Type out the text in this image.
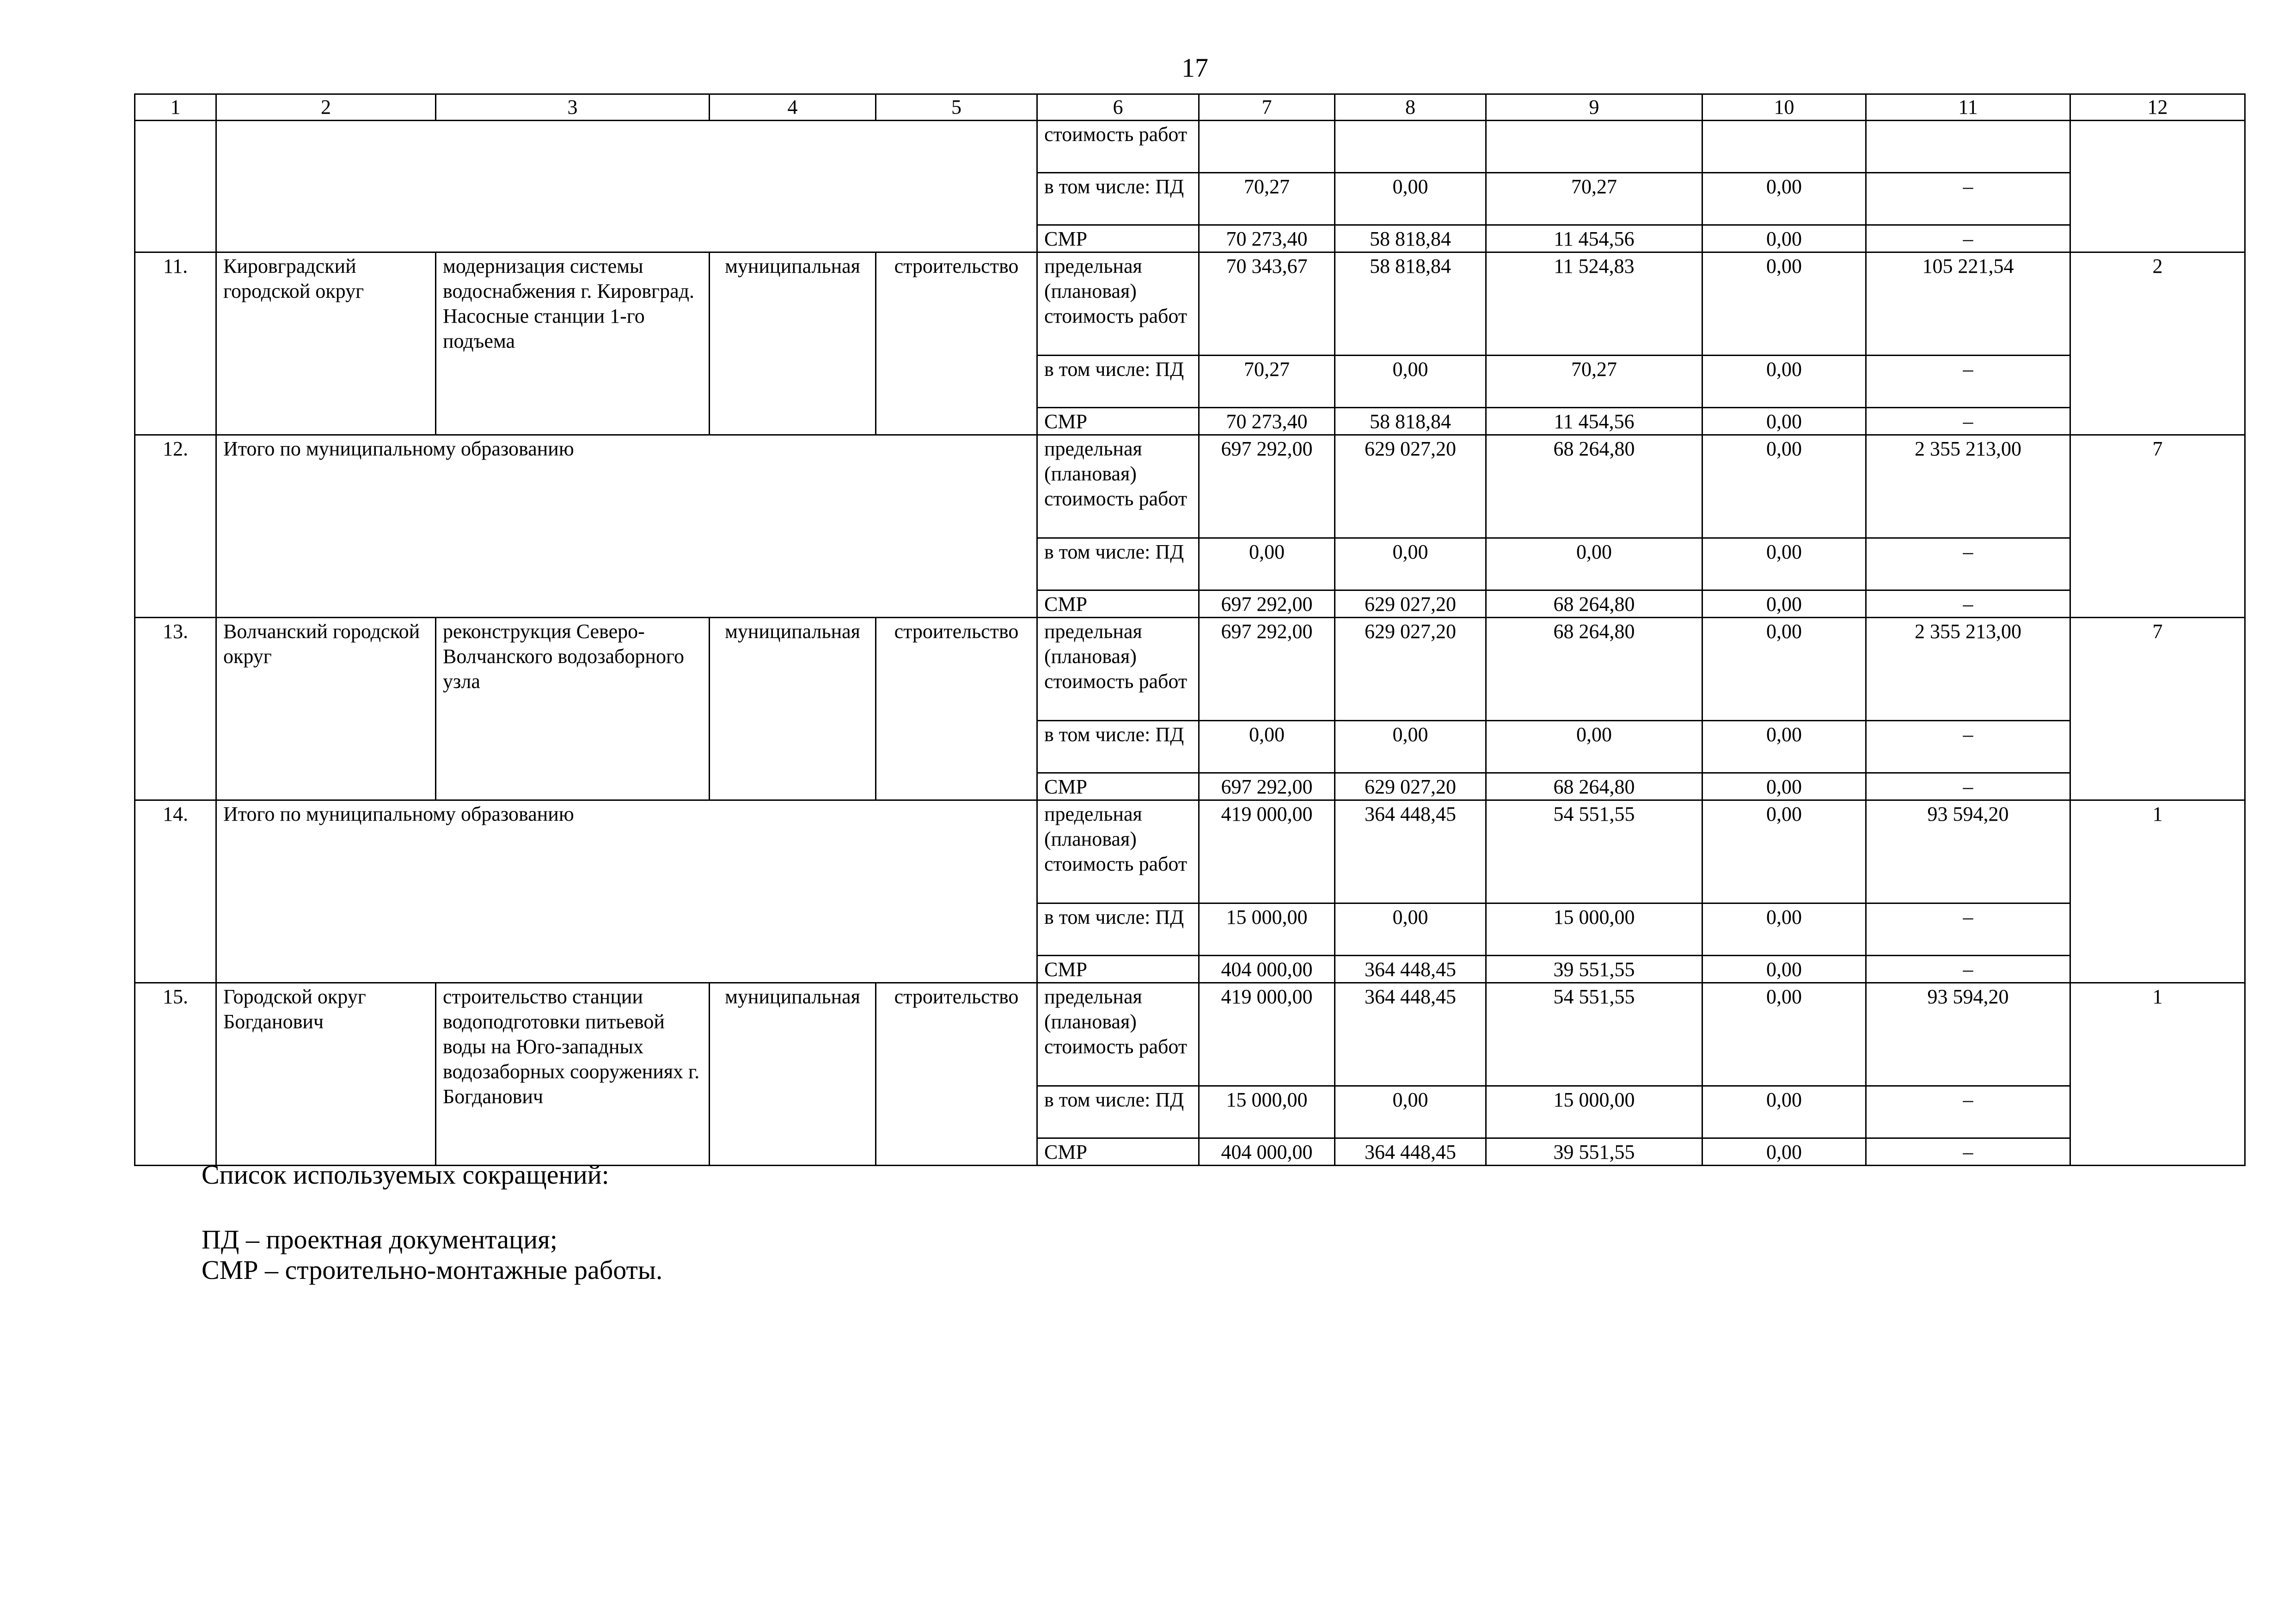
17
1	2	3	4	5	6	7	8	9	10	11	12
					стоимость работ						
					в том числе: ПД	70,27	0,00	70,27	0,00	–	
					СМР	70 273,40	58 818,84	11 454,56	0,00	–	
11.	Кировградский городской округ	модернизация системы водоснабжения г. Кировград. Насосные станции 1-го подъема	муниципальная	строительство	предельная (плановая) стоимость работ	70 343,67	58 818,84	11 524,83	0,00	105 221,54	2
					в том числе: ПД	70,27	0,00	70,27	0,00	–	
					СМР	70 273,40	58 818,84	11 454,56	0,00	–	
12.	Итого по муниципальному образованию				предельная (плановая) стоимость работ	697 292,00	629 027,20	68 264,80	0,00	2 355 213,00	7
					в том числе: ПД	0,00	0,00	0,00	0,00	–	
					СМР	697 292,00	629 027,20	68 264,80	0,00	–	
13.	Волчанский городской округ	реконструкция Северо-Волчанского водозаборного узла	муниципальная	строительство	предельная (плановая) стоимость работ	697 292,00	629 027,20	68 264,80	0,00	2 355 213,00	7
					в том числе: ПД	0,00	0,00	0,00	0,00	–	
					СМР	697 292,00	629 027,20	68 264,80	0,00	–	
14.	Итого по муниципальному образованию				предельная (плановая) стоимость работ	419 000,00	364 448,45	54 551,55	0,00	93 594,20	1
					в том числе: ПД	15 000,00	0,00	15 000,00	0,00	–	
					СМР	404 000,00	364 448,45	39 551,55	0,00	–	
15.	Городской округ Богданович	строительство станции водоподготовки питьевой воды на Юго-западных водозаборных сооружениях г. Богданович	муниципальная	строительство	предельная (плановая) стоимость работ	419 000,00	364 448,45	54 551,55	0,00	93 594,20	1
					в том числе: ПД	15 000,00	0,00	15 000,00	0,00	–	
					СМР	404 000,00	364 448,45	39 551,55	0,00	–	
Список используемых сокращений:
ПД – проектная документация;
СМР – строительно-монтажные работы.
